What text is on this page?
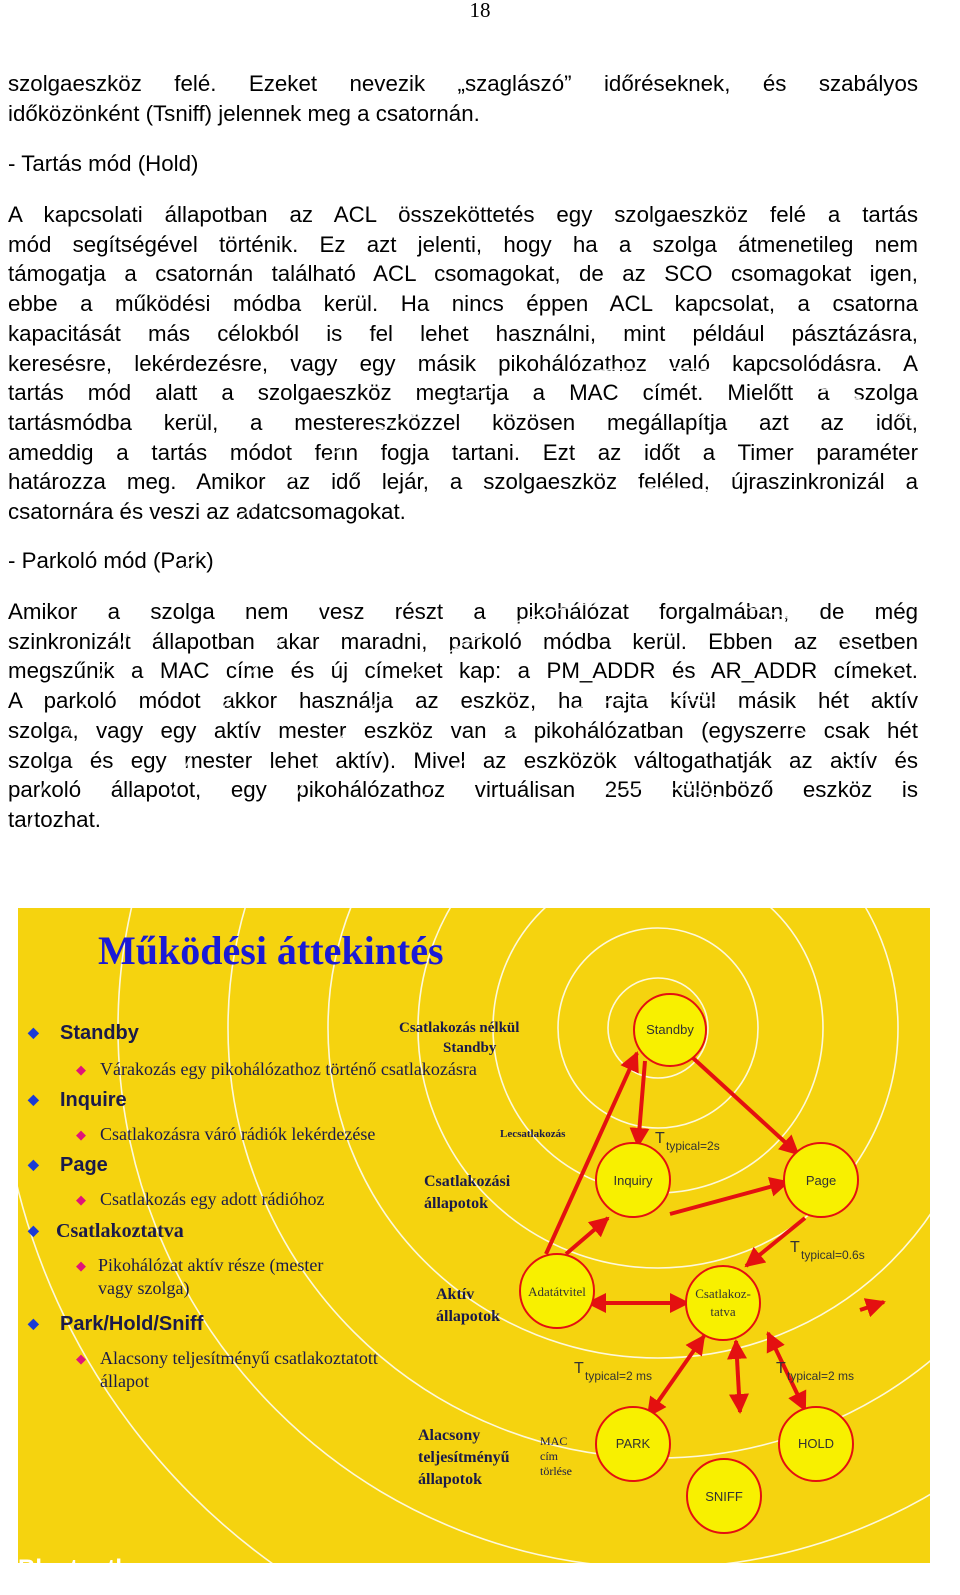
18
szolgaeszköz felé. Ezeket nevezik „szaglászó” időréseknek, és szabályos
időközönként (Tsniff) jelennek meg a csatornán.
- Tartás mód (Hold)
A kapcsolati állapotban az ACL összeköttetés egy szolgaeszköz felé a tartás
mód segítségével történik. Ez azt jelenti, hogy ha a szolga átmenetileg nem
támogatja a csatornán található ACL csomagokat, de az SCO csomagokat igen,
ebbe a működési módba kerül. Ha nincs éppen ACL kapcsolat, a csatorna
kapacitását más célokból is fel lehet használni, mint például pásztázásra,
keresésre, lekérdezésre, vagy egy másik pikohálózathoz való kapcsolódásra. A
tartás mód alatt a szolgaeszköz megtartja a MAC címét. Mielőtt a szolga
tartásmódba kerül, a mestereszközzel közösen megállapítja azt az időt,
ameddig a tartás módot fenn fogja tartani. Ezt az időt a Timer paraméter
határozza meg. Amikor az idő lejár, a szolgaeszköz feléled, újraszinkronizál a
csatornára és veszi az adatcsomagokat.
- Parkoló mód (Park)
Amikor a szolga nem vesz részt a pikohálózat forgalmában, de még
szinkronizált állapotban akar maradni, parkoló módba kerül. Ebben az esetben
megszűnik a MAC címe és új címeket kap: a PM_ADDR és AR_ADDR címeket.
A parkoló módot akkor használja az eszköz, ha rajta kívül másik hét aktív
szolga, vagy egy aktív mester eszköz van a pikohálózatban (egyszerre csak hét
szolga és egy mester lehet aktív). Mivel az eszközök váltogathatják az aktív és
parkoló állapotot, egy pikohálózathoz virtuálisan 255 különböző eszköz is
tartozhat.
Működési áttekintés
◆ Standby
◆ Inquire
◆ Page
◆ Csatlakoztatva
◆ Park/Hold/Sniff
◆ Várakozás egy pikohálózathoz történő csatlakozásra
◆ Csatlakozásra váró rádiók lekérdezése
◆ Csatlakozás egy adott rádióhoz
◆ Pikohálózat aktív része (mester
vagy szolga)
◆ Alacsony teljesítményű csatlakoztatott
állapot
Csatlakozás nélkül
Standby
Lecsatlakozás
Csatlakozási
állapotok
Aktív
állapotok
Alacsony
teljesítményű
állapotok
MAC
cím
törlése
Standby
Inquiry	Page
Adatátvitel	Csatlakoz-
tatva
PARK	HOLD
SNIFF
T typical=2s
T typical=0.6s
T typical=2 ms	T typical=2 ms
Bluetooth
